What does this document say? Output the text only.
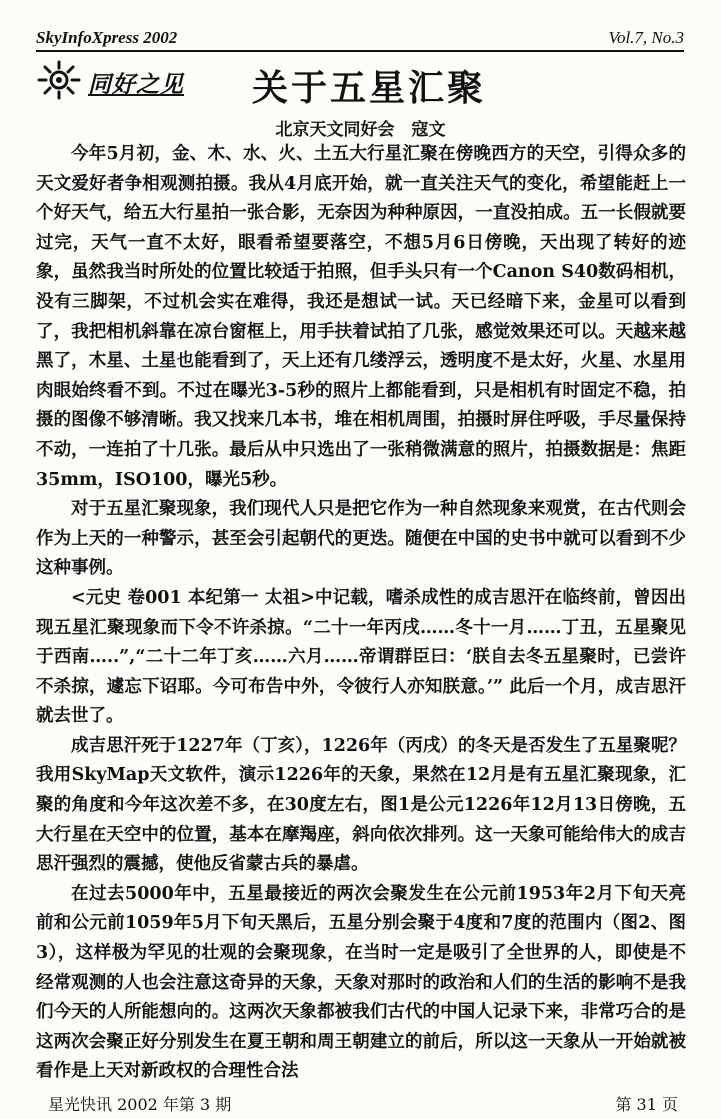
SkyInfoXpress 2002	Vol.7, No.3
同好之见 关于五星汇聚
北京天文同好会　寇文

今年5月初，金、木、水、火、土五大行星汇聚在傍晚西方的天空，引得众多的天文爱好者争相观测拍摄。我从4月底开始，就一直关注天气的变化，希望能赶上一个好天气，给五大行星拍一张合影，无奈因为种种原因，一直没拍成。五一长假就要过完，天气一直不太好，眼看希望要落空，不想5月6日傍晚，天出现了转好的迹象，虽然我当时所处的位置比较适于拍照，但手头只有一个Canon S40数码相机，没有三脚架，不过机会实在难得，我还是想试一试。天已经暗下来，金星可以看到了，我把相机斜靠在凉台窗框上，用手扶着试拍了几张，感觉效果还可以。天越来越黑了，木星、土星也能看到了，天上还有几缕浮云，透明度不是太好，火星、水星用肉眼始终看不到。不过在曝光3-5秒的照片上都能看到，只是相机有时固定不稳，拍摄的图像不够清晰。我又找来几本书，堆在相机周围，拍摄时屏住呼吸，手尽量保持不动，一连拍了十几张。最后从中只选出了一张稍微满意的照片，拍摄数据是：焦距35mm，ISO100，曝光5秒。

对于五星汇聚现象，我们现代人只是把它作为一种自然现象来观赏，在古代则会作为上天的一种警示，甚至会引起朝代的更迭。随便在中国的史书中就可以看到不少这种事例。

<元史 卷001 本纪第一 太祖>中记载，嗜杀成性的成吉思汗在临终前，曾因出现五星汇聚现象而下令不许杀掠。“二十一年丙戌……冬十一月……丁丑，五星聚见于西南…..”,“二十二年丁亥……六月……帝谓群臣曰：‘朕自去冬五星聚时，已尝许不杀掠，遽忘下诏耶。今可布告中外，令彼行人亦知朕意。’” 此后一个月，成吉思汗就去世了。

成吉思汗死于1227年（丁亥），1226年（丙戌）的冬天是否发生了五星聚呢？我用SkyMap天文软件，演示1226年的天象，果然在12月是有五星汇聚现象，汇聚的角度和今年这次差不多，在30度左右，图1是公元1226年12月13日傍晚，五大行星在天空中的位置，基本在摩羯座，斜向依次排列。这一天象可能给伟大的成吉思汗强烈的震撼，使他反省蒙古兵的暴虐。

在过去5000年中，五星最接近的两次会聚发生在公元前1953年2月下旬天亮前和公元前1059年5月下旬天黑后，五星分别会聚于4度和7度的范围内（图2、图3），这样极为罕见的壮观的会聚现象，在当时一定是吸引了全世界的人，即使是不经常观测的人也会注意这奇异的天象，天象对那时的政治和人们的生活的影响不是我们今天的人所能想向的。这两次天象都被我们古代的中国人记录下来，非常巧合的是这两次会聚正好分别发生在夏王朝和周王朝建立的前后，所以这一天象从一开始就被看作是上天对新政权的合理性合法

星光快讯 2002 年第 3 期	第 31 页
